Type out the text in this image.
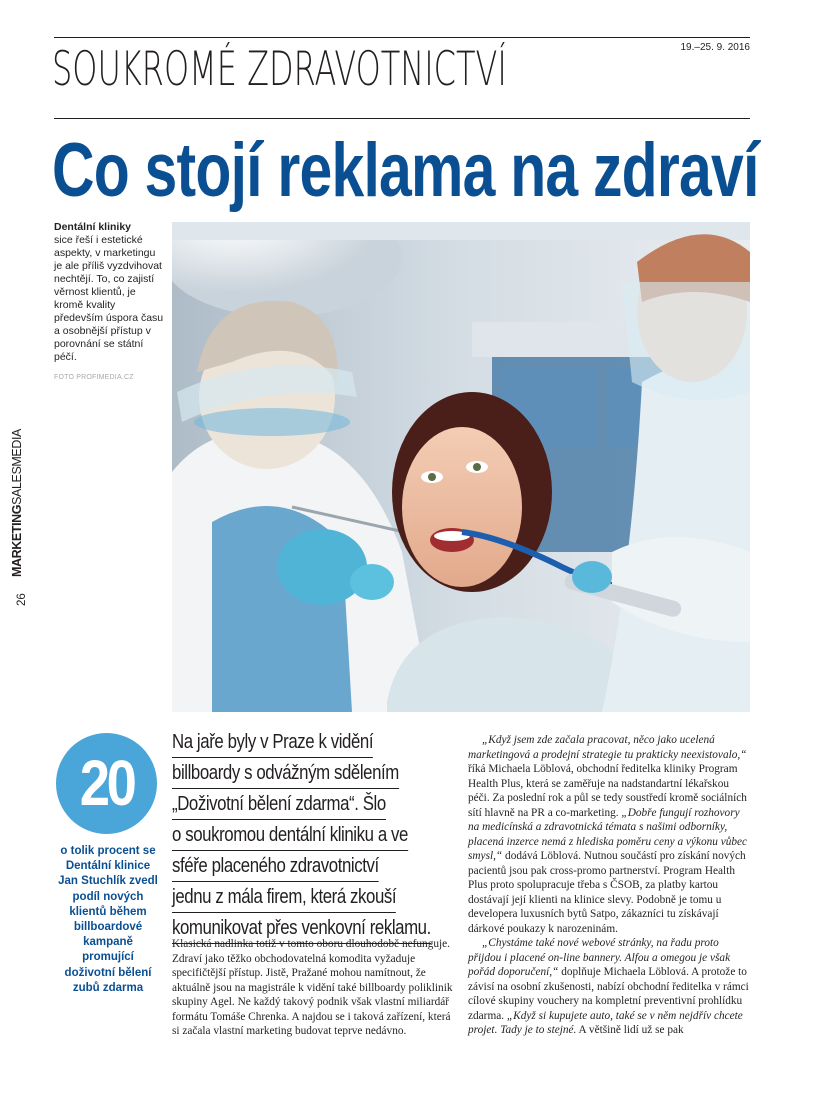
SOUKROMÉ ZDRAVOTNICTVÍ	19.–25. 9. 2016
Co stojí reklama na zdraví
Dentální kliniky
sice řeší i estetické aspekty, v marketingu je ale příliš vyzdvihovat nechtějí. To, co zajistí věrnost klientů, je kromě kvality především úspora času a osobnější přístup v porovnání se státní péčí.
FOTO PROFIMEDIA.CZ
MARKETINGSALESMEDIA
26
20
o tolik procent se Dentální klinice Jan Stuchlík zvedl podíl nových klientů během billboardové kampaně promující doživotní bělení zubů zdarma
Na jaře byly v Praze k vidění
billboardy s odvážným sdělením
„Doživotní bělení zdarma“. Šlo
o soukromou dentální kliniku a ve
sféře placeného zdravotnictví
jednu z mála firem, která zkouší
komunikovat přes venkovní reklamu.

Klasická nadlinka totiž v tomto oboru dlouhodobě nefunguje. Zdraví jako těžko obchodovatelná komodita vyžaduje specifičtější přístup. Jistě, Pražané mohou namítnout, že aktuálně jsou na magistrále k vidění také billboardy poliklinik skupiny Agel. Ne každý takový podnik však vlastní miliardář formátu Tomáše Chrenka. A najdou se i taková zařízení, která si začala vlastní marketing budovat teprve nedávno.

„Když jsem zde začala pracovat, něco jako ucelená marketingová a prodejní strategie tu prakticky neexistovalo,“ říká Michaela Löblová, obchodní ředitelka kliniky Program Health Plus, která se zaměřuje na nadstandartní lékařskou péči. Za poslední rok a půl se tedy soustředí kromě sociálních sítí hlavně na PR a co-marketing. „Dobře fungují rozhovory na medicínská a zdravotnická témata s našimi odborníky, placená inzerce nemá z hlediska poměru ceny a výkonu vůbec smysl,“ dodává Löblová. Nutnou součástí pro získání nových pacientů jsou pak cross-promo partnerství. Program Health Plus proto spolupracuje třeba s ČSOB, za platby kartou dostávají její klienti na klinice slevy. Podobně je tomu u developera luxusních bytů Satpo, zákazníci tu získávají dárkové poukazy k narozeninám.

„Chystáme také nové webové stránky, na řadu proto přijdou i placené on-line bannery. Alfou a omegou je však pořád doporučení,“ doplňuje Michaela Löblová. A protože to závisí na osobní zkušenosti, nabízí obchodní ředitelka v rámci cílové skupiny vouchery na kompletní preventivní prohlídku zdarma. „Když si kupujete auto, také se v něm nejdřív chcete projet. Tady je to stejné. A většině lidí už se pak
